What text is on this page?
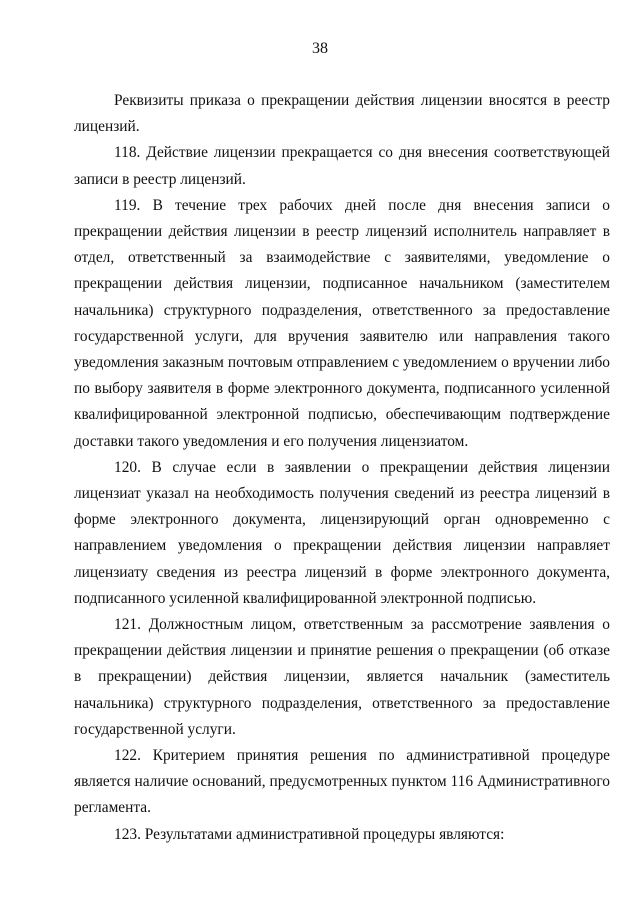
38

Реквизиты приказа о прекращении действия лицензии вносятся в реестр лицензий.

118. Действие лицензии прекращается со дня внесения соответствующей записи в реестр лицензий.

119. В течение трех рабочих дней после дня внесения записи о прекращении действия лицензии в реестр лицензий исполнитель направляет в отдел, ответственный за взаимодействие с заявителями, уведомление о прекращении действия лицензии, подписанное начальником (заместителем начальника) структурного подразделения, ответственного за предоставление государственной услуги, для вручения заявителю или направления такого уведомления заказным почтовым отправлением с уведомлением о вручении либо по выбору заявителя в форме электронного документа, подписанного усиленной квалифицированной электронной подписью, обеспечивающим подтверждение доставки такого уведомления и его получения лицензиатом.

120. В случае если в заявлении о прекращении действия лицензии лицензиат указал на необходимость получения сведений из реестра лицензий в форме электронного документа, лицензирующий орган одновременно с направлением уведомления о прекращении действия лицензии направляет лицензиату сведения из реестра лицензий в форме электронного документа, подписанного усиленной квалифицированной электронной подписью.

121. Должностным лицом, ответственным за рассмотрение заявления о прекращении действия лицензии и принятие решения о прекращении (об отказе в прекращении) действия лицензии, является начальник (заместитель начальника) структурного подразделения, ответственного за предоставление государственной услуги.

122. Критерием принятия решения по административной процедуре является наличие оснований, предусмотренных пунктом 116 Административного регламента.

123. Результатами административной процедуры являются:
